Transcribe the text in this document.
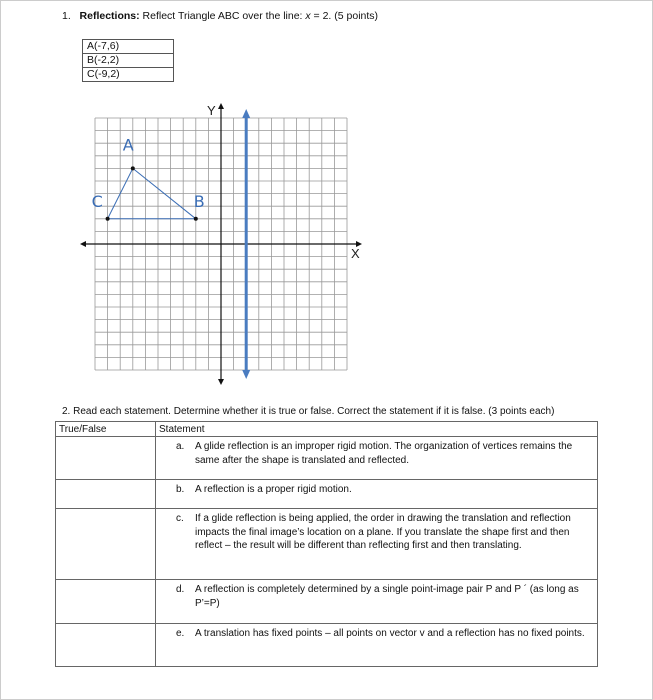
1. Reflections: Reflect Triangle ABC over the line: x = 2. (5 points)
A(-7,6)
B(-2,2)
C(-9,2)
X
Y
A
B
C
2. Read each statement. Determine whether it is true or false. Correct the statement if it is false. (3 points each)
True/False	Statement

	a. A glide reflection is an improper rigid motion. The organization of vertices remains the same after the shape is translated and reflected.

	b. A reflection is a proper rigid motion.

	c. If a glide reflection is being applied, the order in drawing the translation and reflection impacts the final image’s location on a plane. If you translate the shape first and then reflect – the result will be different than reflecting first and then translating.

	d. A reflection is completely determined by a single point-image pair P and P ´ (as long as P’=P)

	e. A translation has fixed points – all points on vector v and a reflection has no fixed points.
